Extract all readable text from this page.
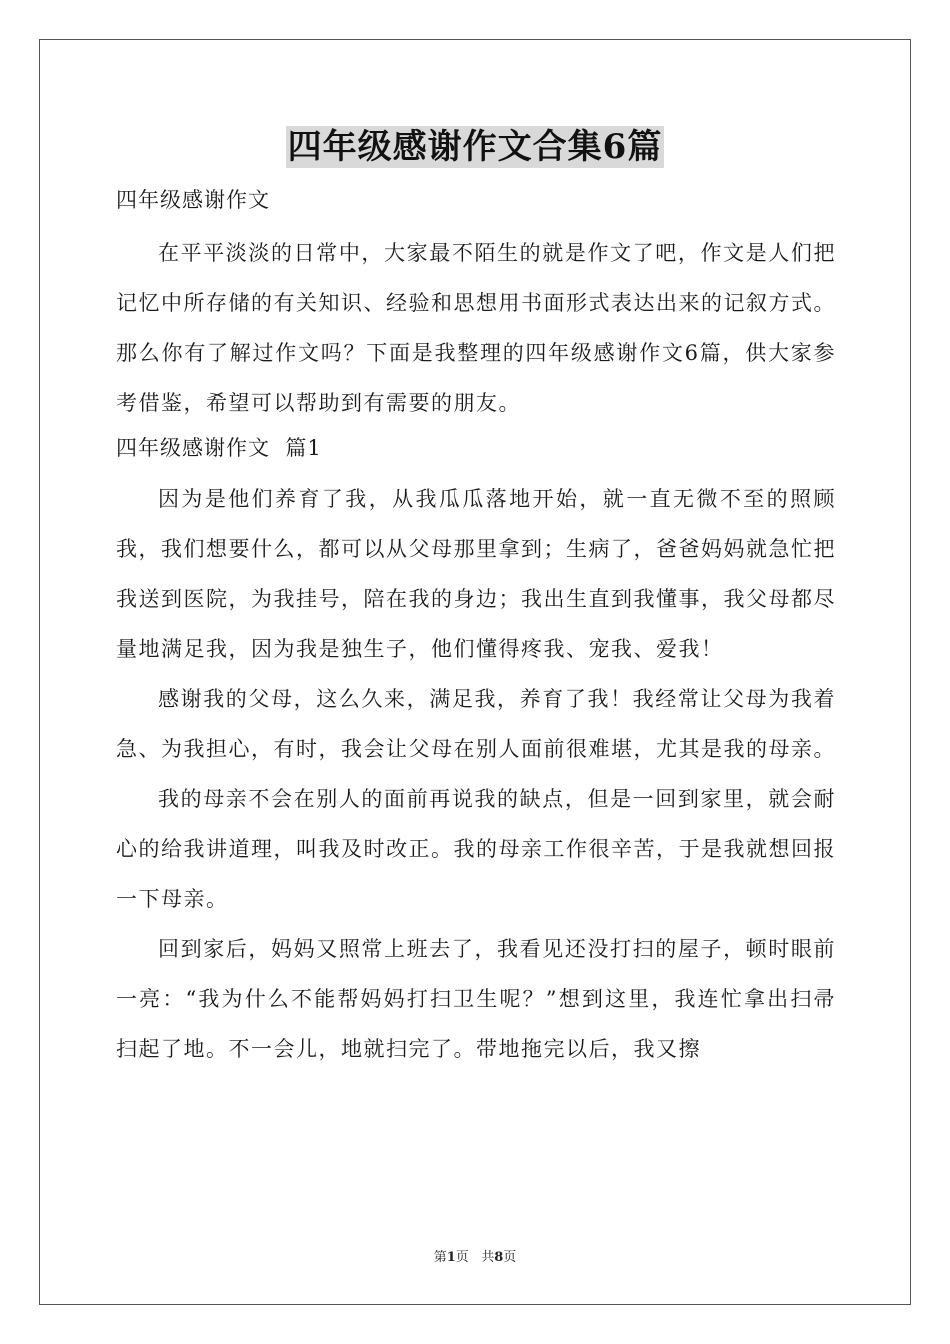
四年级感谢作文合集6篇

四年级感谢作文

在平平淡淡的日常中，大家最不陌生的就是作文了吧，作文是人们把记忆中所存储的有关知识、经验和思想用书面形式表达出来的记叙方式。那么你有了解过作文吗？下面是我整理的四年级感谢作文6篇，供大家参考借鉴，希望可以帮助到有需要的朋友。

四年级感谢作文  篇1

因为是他们养育了我，从我瓜瓜落地开始，就一直无微不至的照顾我，我们想要什么，都可以从父母那里拿到；生病了，爸爸妈妈就急忙把我送到医院，为我挂号，陪在我的身边；我出生直到我懂事，我父母都尽量地满足我，因为我是独生子，他们懂得疼我、宠我、爱我！

感谢我的父母，这么久来，满足我，养育了我！我经常让父母为我着急、为我担心，有时，我会让父母在别人面前很难堪，尤其是我的母亲。

我的母亲不会在别人的面前再说我的缺点，但是一回到家里，就会耐心的给我讲道理，叫我及时改正。我的母亲工作很辛苦，于是我就想回报一下母亲。

回到家后，妈妈又照常上班去了，我看见还没打扫的屋子，顿时眼前一亮：“我为什么不能帮妈妈打扫卫生呢？”想到这里，我连忙拿出扫帚扫起了地。不一会儿，地就扫完了。带地拖完以后，我又擦

第1页 共8页
